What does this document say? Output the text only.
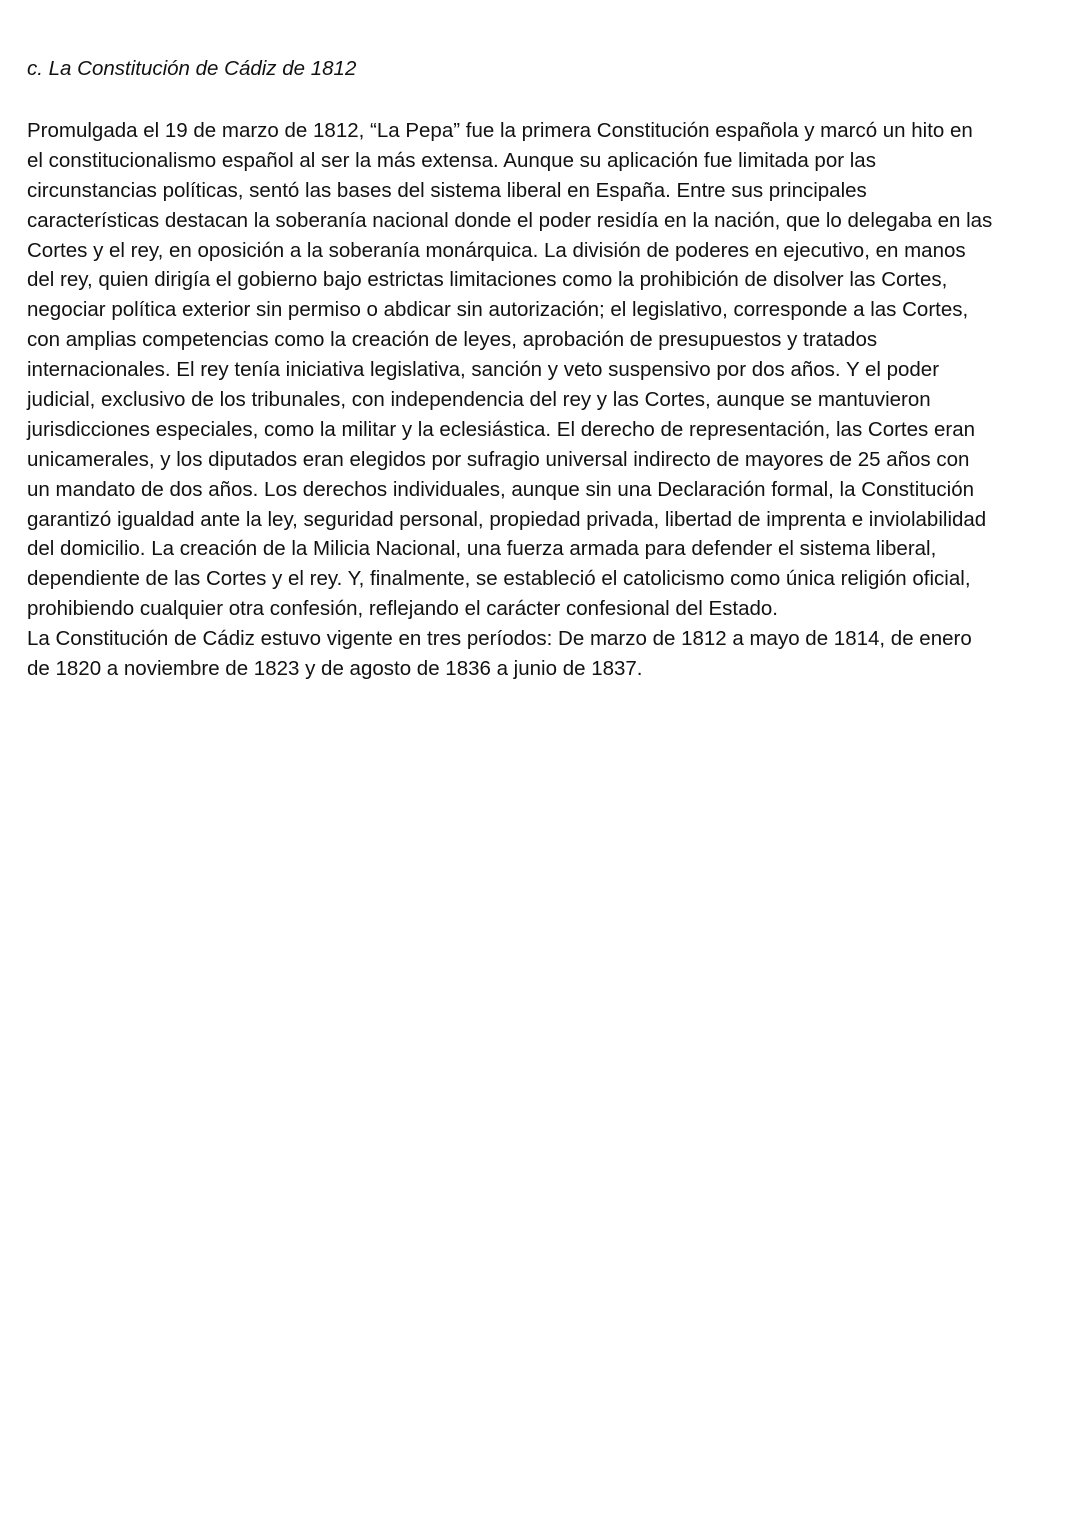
c. La Constitución de Cádiz de 1812
Promulgada el 19 de marzo de 1812, “La Pepa” fue la primera Constitución española y marcó un hito en
el constitucionalismo español al ser la más extensa. Aunque su aplicación fue limitada por las
circunstancias políticas, sentó las bases del sistema liberal en España. Entre sus principales
características destacan la soberanía nacional donde el poder residía en la nación, que lo delegaba en las
Cortes y el rey, en oposición a la soberanía monárquica. La división de poderes en ejecutivo, en manos
del rey, quien dirigía el gobierno bajo estrictas limitaciones como la prohibición de disolver las Cortes,
negociar política exterior sin permiso o abdicar sin autorización; el legislativo, corresponde a las Cortes,
con amplias competencias como la creación de leyes, aprobación de presupuestos y tratados
internacionales. El rey tenía iniciativa legislativa, sanción y veto suspensivo por dos años. Y el poder
judicial, exclusivo de los tribunales, con independencia del rey y las Cortes, aunque se mantuvieron
jurisdicciones especiales, como la militar y la eclesiástica. El derecho de representación, las Cortes eran
unicamerales, y los diputados eran elegidos por sufragio universal indirecto de mayores de 25 años con
un mandato de dos años. Los derechos individuales, aunque sin una Declaración formal, la Constitución
garantizó igualdad ante la ley, seguridad personal, propiedad privada, libertad de imprenta e inviolabilidad
del domicilio. La creación de la Milicia Nacional, una fuerza armada para defender el sistema liberal,
dependiente de las Cortes y el rey. Y, finalmente, se estableció el catolicismo como única religión oficial,
prohibiendo cualquier otra confesión, reflejando el carácter confesional del Estado.
La Constitución de Cádiz estuvo vigente en tres períodos: De marzo de 1812 a mayo de 1814, de enero
de 1820 a noviembre de 1823 y de agosto de 1836 a junio de 1837.
